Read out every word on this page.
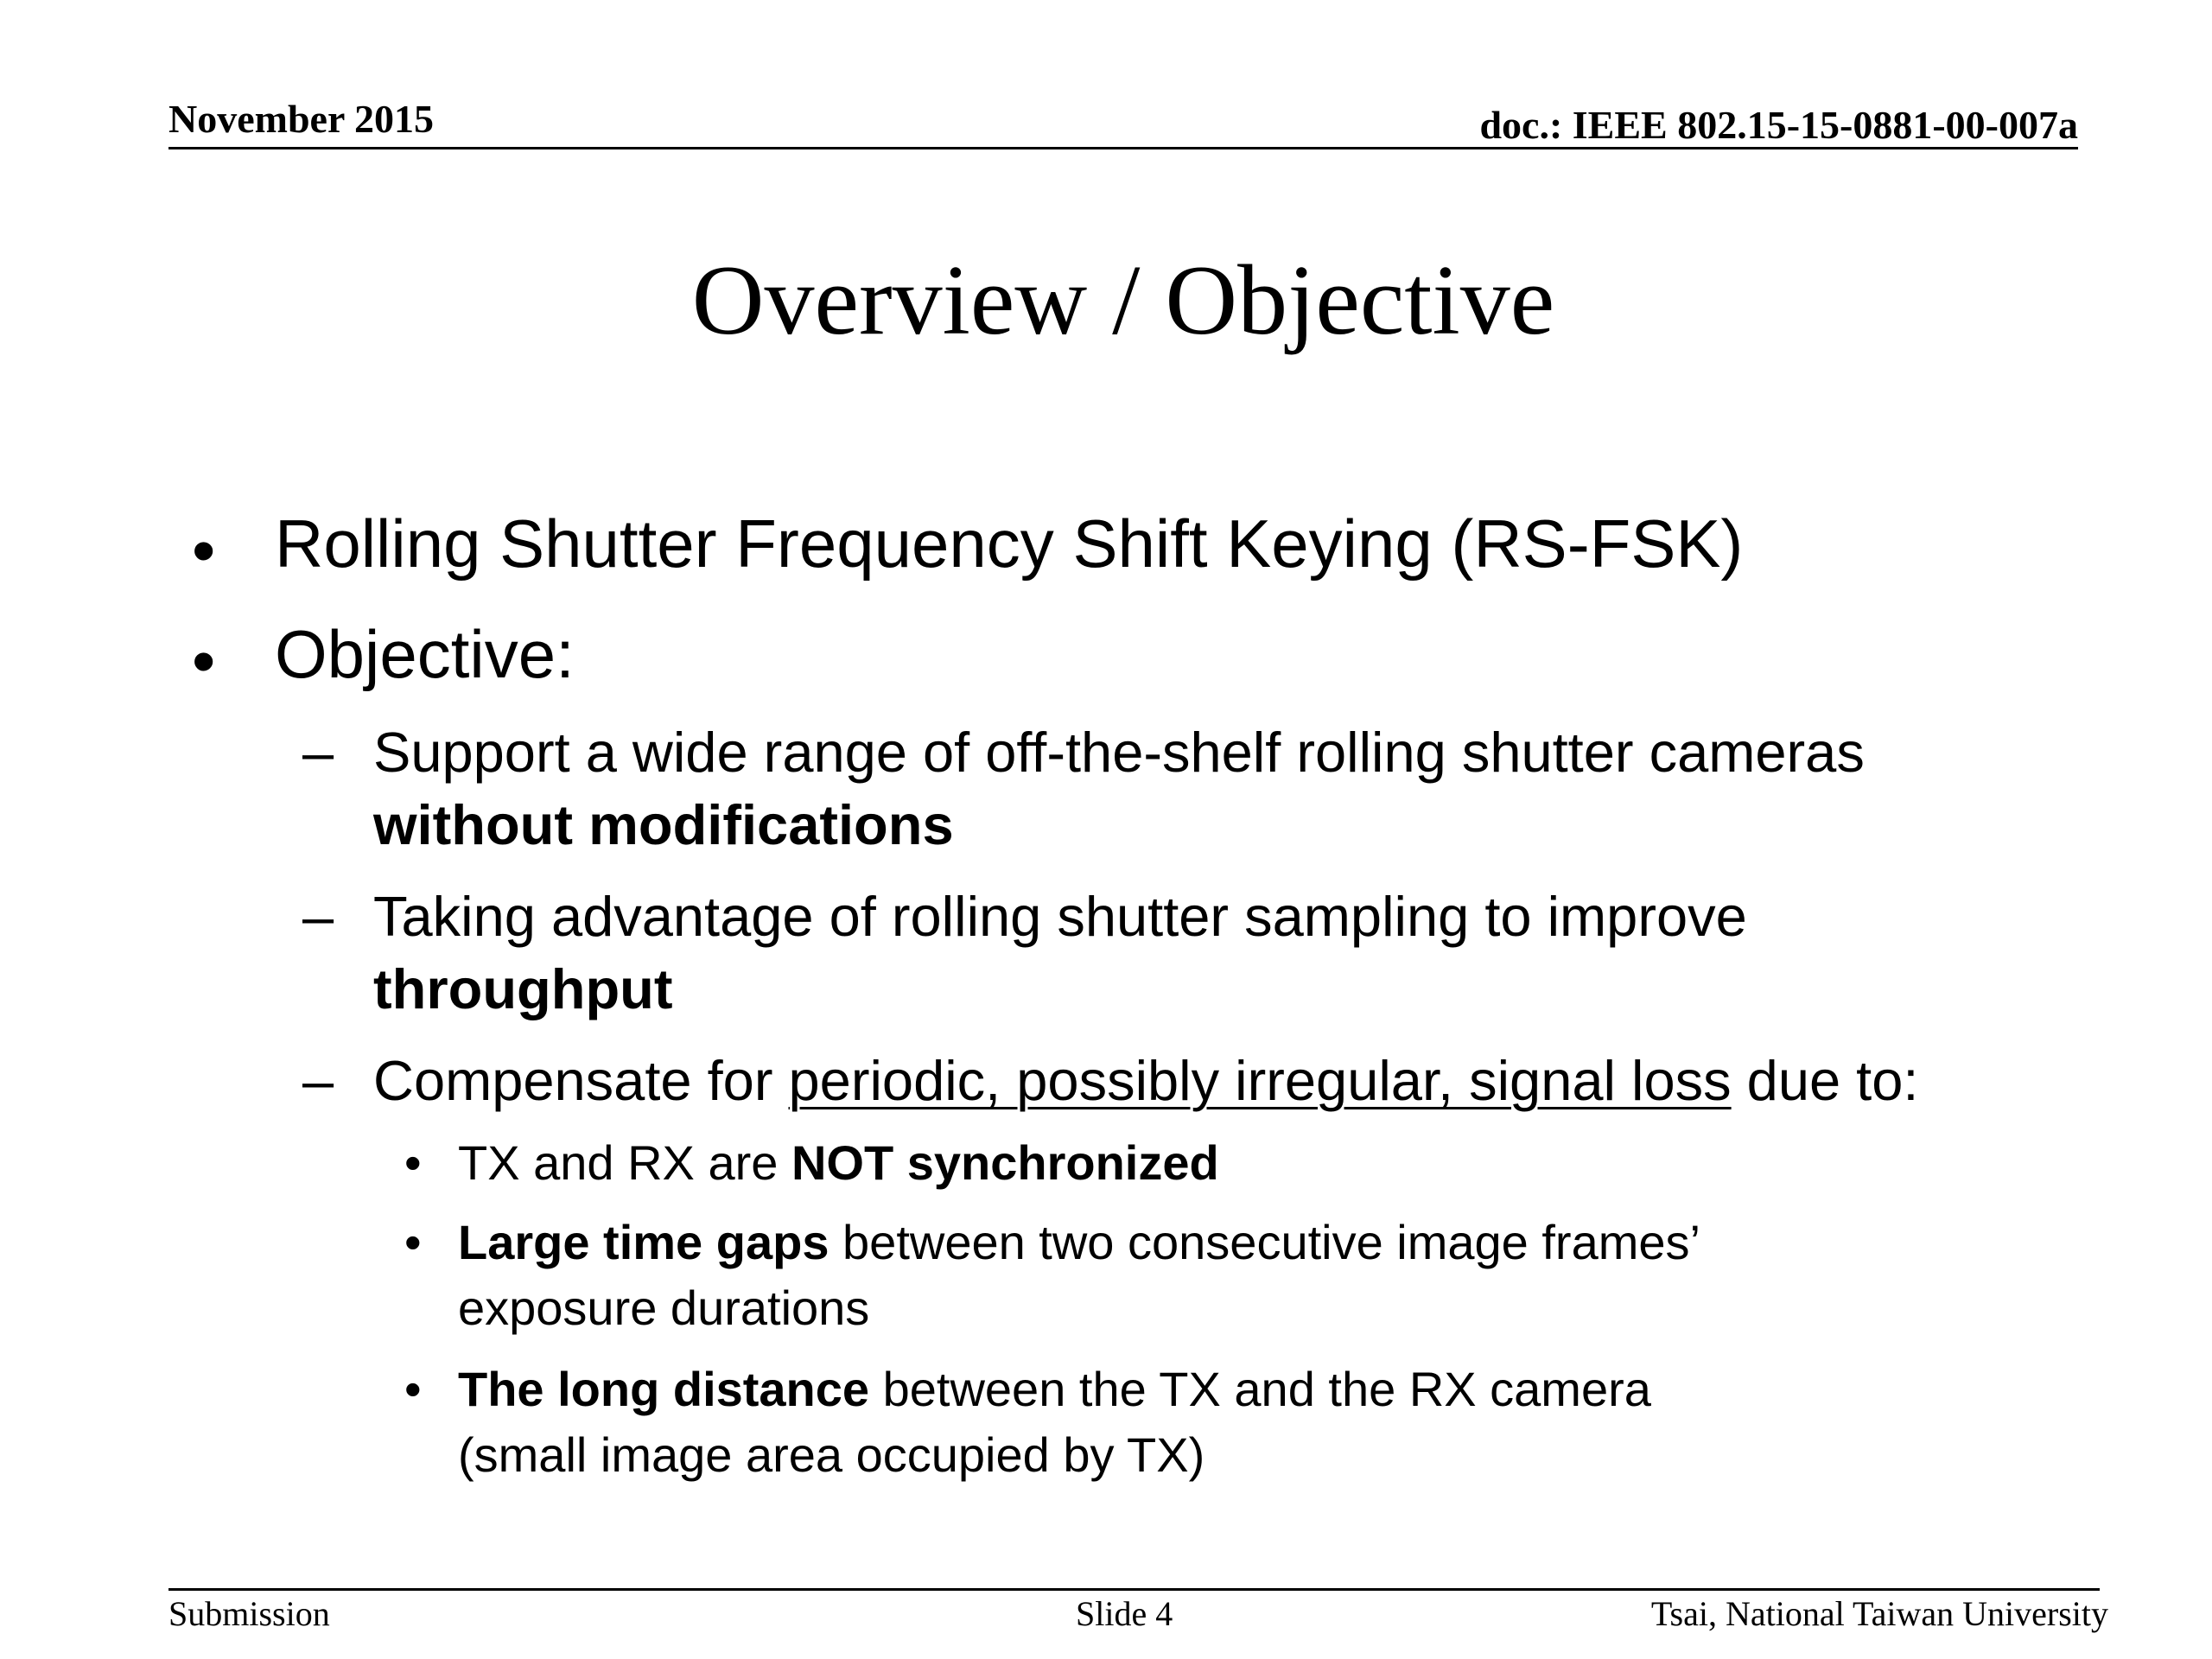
November 2015	doc.: IEEE 802.15-15-0881-00-007a
Overview / Objective
• Rolling Shutter Frequency Shift Keying (RS-FSK)
• Objective:
– Support a wide range of off-the-shelf rolling shutter cameras
without modifications
– Taking advantage of rolling shutter sampling to improve
throughput
– Compensate for periodic, possibly irregular, signal loss due to:
• TX and RX are NOT synchronized
• Large time gaps between two consecutive image frames’
exposure durations
• The long distance between the TX and the RX camera
(small image area occupied by TX)
Submission	Slide 4	Tsai, National Taiwan University
